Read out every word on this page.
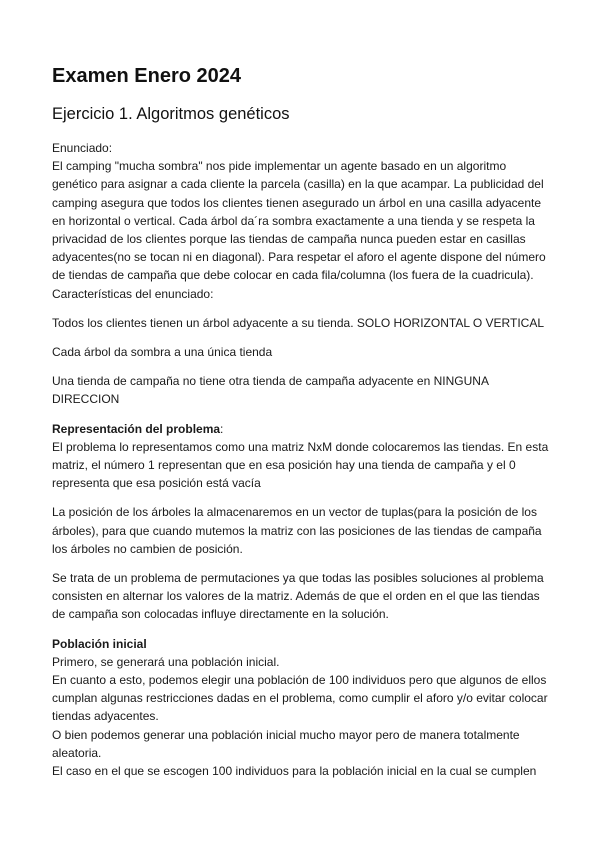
Examen Enero 2024
Ejercicio 1. Algoritmos genéticos

Enunciado:

El camping "mucha sombra" nos pide implementar un agente basado en un algoritmo genético para asignar a cada cliente la parcela (casilla) en la que acampar. La publicidad del camping asegura que todos los clientes tienen asegurado un árbol en una casilla adyacente en horizontal o vertical. Cada árbol da´ra sombra exactamente a una tienda y se respeta la privacidad de los clientes porque las tiendas de campaña nunca pueden estar en casillas adyacentes(no se tocan ni en diagonal). Para respetar el aforo el agente dispone del número de tiendas de campaña que debe colocar en cada fila/columna (los fuera de la cuadricula).

Características del enunciado:

Todos los clientes tienen un árbol adyacente a su tienda. SOLO HORIZONTAL O VERTICAL

Cada árbol da sombra a una única tienda

Una tienda de campaña no tiene otra tienda de campaña adyacente en NINGUNA DIRECCION

Representación del problema:

El problema lo representamos como una matriz NxM donde colocaremos las tiendas. En esta matriz, el número 1 representan que en esa posición hay una tienda de campaña y el 0 representa que esa posición está vacía

La posición de los árboles la almacenaremos en un vector de tuplas(para la posición de los árboles), para que cuando mutemos la matriz con las posiciones de las tiendas de campaña los árboles no cambien de posición.

Se trata de un problema de permutaciones ya que todas las posibles soluciones al problema consisten en alternar los valores de la matriz. Además de que el orden en el que las tiendas de campaña son colocadas influye directamente en la solución.

Población inicial

Primero, se generará una población inicial.

En cuanto a esto, podemos elegir una población de 100 individuos pero que algunos de ellos cumplan algunas restricciones dadas en el problema, como cumplir el aforo y/o evitar colocar tiendas adyacentes.

O bien podemos generar una población inicial mucho mayor pero de manera totalmente aleatoria.

El caso en el que se escogen 100 individuos para la población inicial en la cual se cumplen
